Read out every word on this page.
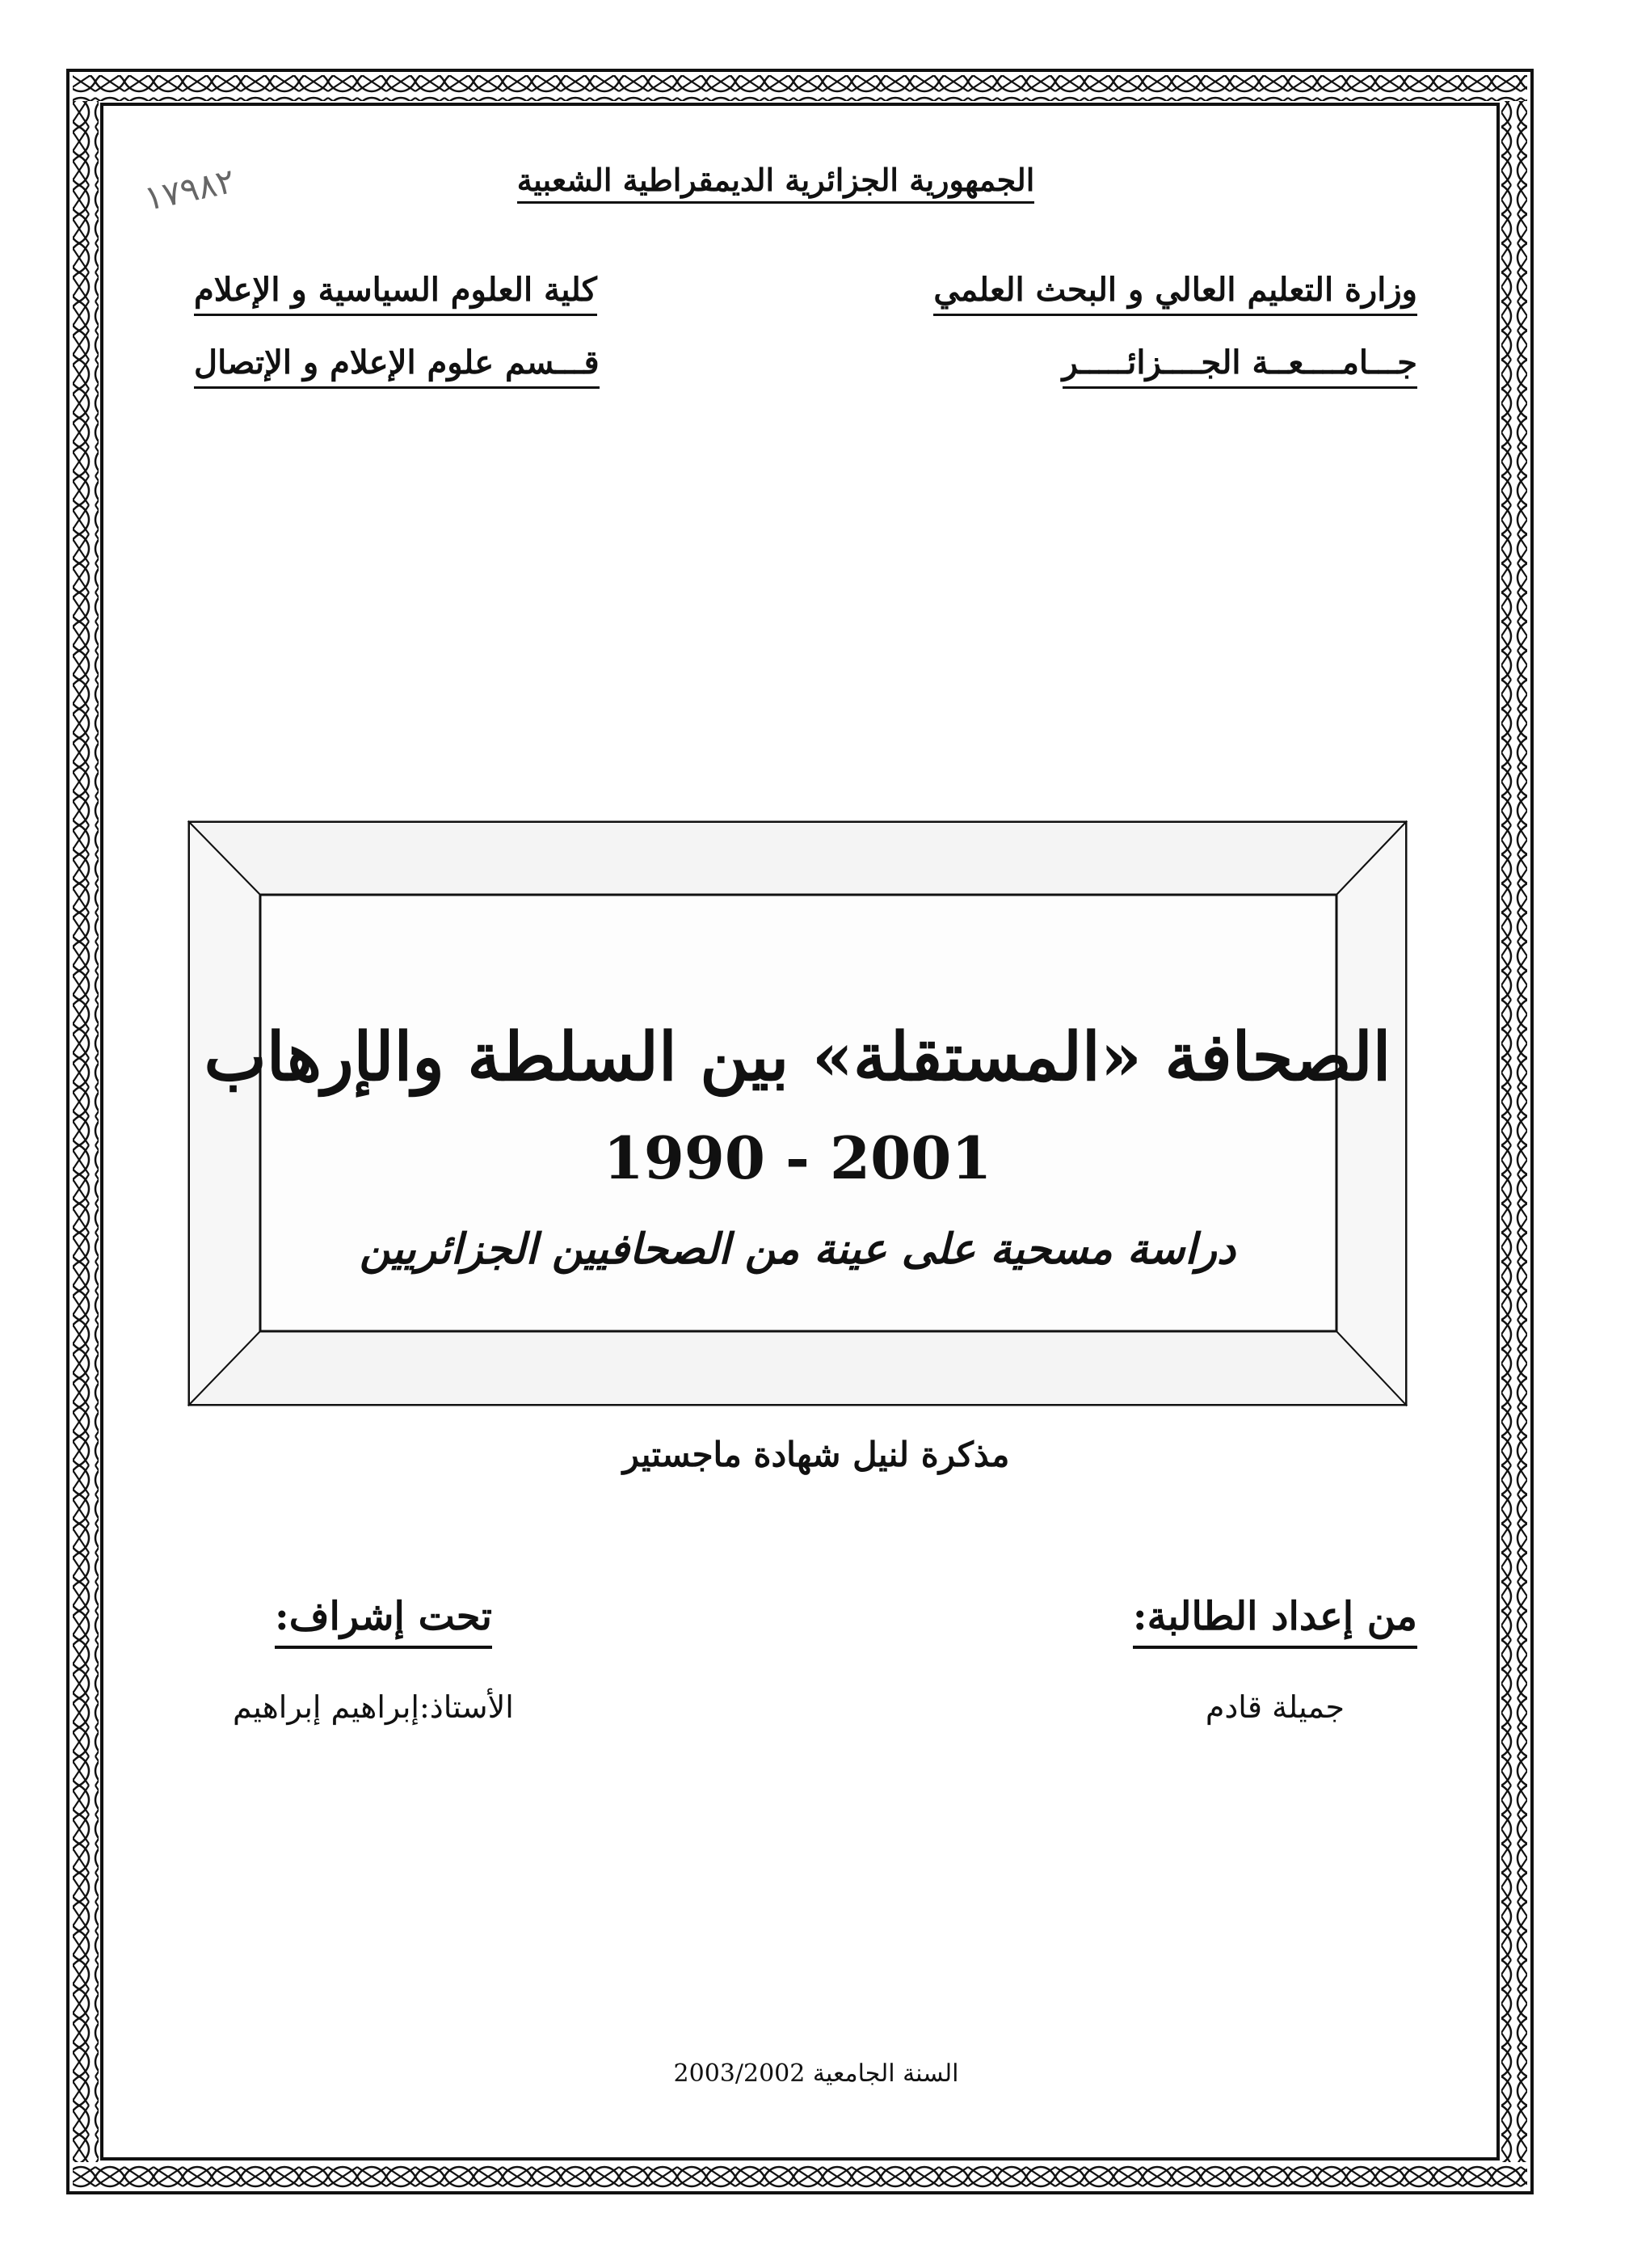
١٧٩٨٢	الجمهورية الجزائرية الديمقراطية الشعبية
وزارة التعليم العالي و البحث العلمي
جـــامــــعــة الجــــزائـــــر
كلية العلوم السياسية و الإعلام
قـــسم علوم الإعلام و الإتصال
الصحافة «المستقلة» بين السلطة والإرهاب
1990 - 2001
دراسة مسحية على عينة من الصحافيين الجزائريين
مذكرة لنيل شهادة ماجستير
من إعداد الطالبة:
تحت إشراف:
جميلة قادم
الأستاذ:إبراهيم إبراهيم
السنة الجامعية 2003/2002
